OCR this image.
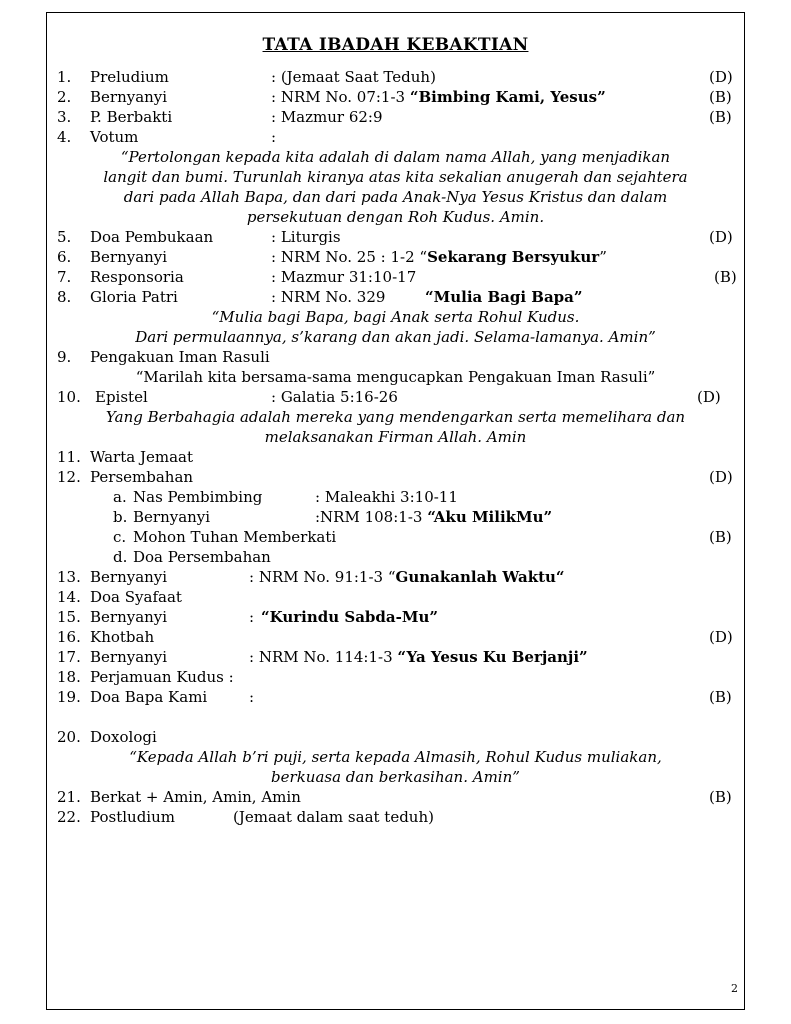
TATA IBADAH KEBAKTIAN
1. Preludium	: (Jemaat Saat Teduh)	(D)
2. Bernyanyi	: NRM No. 07:1-3 “Bimbing Kami, Yesus”	(B)
3. P. Berbakti	: Mazmur 62:9	(B)
4. Votum	:
“Pertolongan kepada kita adalah di dalam nama Allah, yang menjadikan
langit dan bumi. Turunlah kiranya atas kita sekalian anugerah dan sejahtera
dari pada Allah Bapa, dan dari pada Anak-Nya Yesus Kristus dan dalam
persekutuan dengan Roh Kudus. Amin.
5. Doa Pembukaan	: Liturgis	(D)
6. Bernyanyi	: NRM No. 25 : 1-2 “Sekarang Bersyukur”
7. Responsoria	: Mazmur 31:10-17	(B)
8. Gloria Patri	: NRM No. 329	“Mulia Bagi Bapa”
“Mulia bagi Bapa, bagi Anak serta Rohul Kudus.
Dari permulaannya, s’karang dan akan jadi. Selama-lamanya. Amin”
9. Pengakuan Iman Rasuli
“Marilah kita bersama-sama mengucapkan Pengakuan Iman Rasuli”
10. Epistel	: Galatia 5:16-26	(D)
Yang Berbahagia adalah mereka yang mendengarkan serta memelihara dan
melaksanakan Firman Allah. Amin
11. Warta Jemaat
12. Persembahan	(D)
a. Nas Pembimbing	: Maleakhi 3:10-11
b. Bernyanyi	:NRM 108:1-3 “Aku MilikMu”
c. Mohon Tuhan Memberkati	(B)
d. Doa Persembahan
13. Bernyanyi	: NRM No. 91:1-3 “Gunakanlah Waktu“
14. Doa Syafaat
15. Bernyanyi	: “Kurindu Sabda-Mu”
16. Khotbah	(D)
17. Bernyanyi	: NRM No. 114:1-3 “Ya Yesus Ku Berjanji”
18. Perjamuan Kudus :
19. Doa Bapa Kami	:	(B)
20. Doxologi
“Kepada Allah b’ri puji, serta kepada Almasih, Rohul Kudus muliakan,
berkuasa dan berkasihan. Amin”
21. Berkat + Amin, Amin, Amin	(B)
22. Postludium	(Jemaat dalam saat teduh)
2
